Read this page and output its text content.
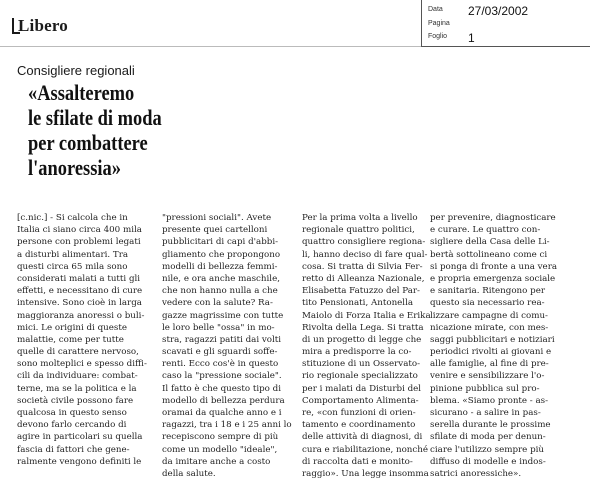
Libero
Data 27/03/2002
Pagina
Foglio 1
Consigliere regionali
«Assalteremo
le sfilate di moda
per combattere
l'anoressia»
[c.nic.] - Si calcola che in
Italia ci siano circa 400 mila
persone con problemi legati
a disturbi alimentari. Tra
questi circa 65 mila sono
considerati malati a tutti gli
effetti, e necessitano di cure
intensive. Sono cioè in larga
maggioranza anoressi o buli-
mici. Le origini di queste
malattie, come per tutte
quelle di carattere nervoso,
sono molteplici e spesso diffi-
cili da individuare: combat-
terne, ma se la politica e la
società civile possono fare
qualcosa in questo senso
devono farlo cercando di
agire in particolari su quella
fascia di fattori che gene-
ralmente vengono definiti le
"pressioni sociali". Avete
presente quei cartelloni
pubblicitari di capi d'abbi-
gliamento che propongono
modelli di bellezza femmi-
nile, e ora anche maschile,
che non hanno nulla a che
vedere con la salute? Ra-
gazze magrissime con tutte
le loro belle "ossa" in mo-
stra, ragazzi patiti dai volti
scavati e gli sguardi soffe-
renti. Ecco cos'è in questo
caso la "pressione sociale".
Il fatto è che questo tipo di
modello di bellezza perdura
oramai da qualche anno e i
ragazzi, tra i 18 e i 25 anni lo
recepiscono sempre di più
come un modello "ideale",
da imitare anche a costo
della salute.
Per la prima volta a livello
regionale quattro politici,
quattro consigliere regiona-
li, hanno deciso di fare qual-
cosa. Si tratta di Silvia Fer-
retto di Alleanza Nazionale,
Elisabetta Fatuzzo del Par-
tito Pensionati, Antonella
Maiolo di Forza Italia e Erika
Rivolta della Lega. Si tratta
di un progetto di legge che
mira a predisporre la co-
stituzione di un Osservato-
rio regionale specializzato
per i malati da Disturbi del
Comportamento Alimenta-
re, «con funzioni di orien-
tamento e coordinamento
delle attività di diagnosi, di
cura e riabilitazione, nonché
di raccolta dati e monito-
raggio». Una legge insomma
per prevenire, diagnosticare
e curare. Le quattro con-
sigliere della Casa delle Li-
bertà sottolineano come ci
si ponga di fronte a una vera
e propria emergenza sociale
e sanitaria. Ritengono per
questo sia necessario rea-
lizzare campagne di comu-
nicazione mirate, con mes-
saggi pubblicitari e notiziari
periodici rivolti ai giovani e
alle famiglie, al fine di pre-
venire e sensibilizzare l'o-
pinione pubblica sul pro-
blema. «Siamo pronte - as-
sicurano - a salire in pas-
serella durante le prossime
sfilate di moda per denun-
ciare l'utilizzo sempre più
diffuso di modelle e indos-
satrici anoressiche».
